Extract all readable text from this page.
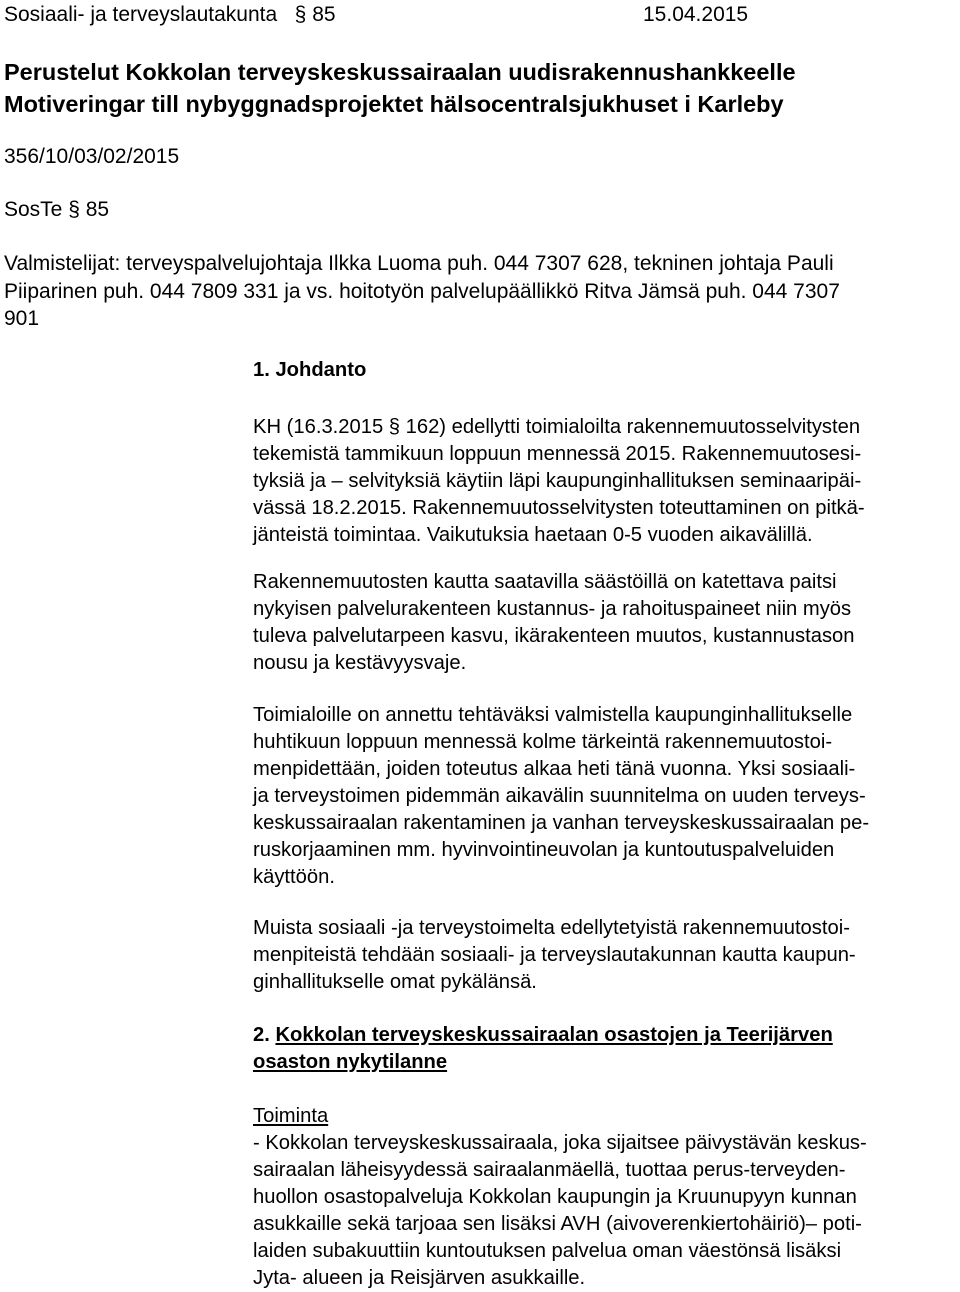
Sosiaali- ja terveyslautakunta § 85	15.04.2015
Perustelut Kokkolan terveyskeskussairaalan uudisrakennushankkeelle
Motiveringar till nybyggnadsprojektet hälsocentralsjukhuset i Karleby
356/10/03/02/2015
SosTe § 85
Valmistelijat: terveyspalvelujohtaja Ilkka Luoma puh. 044 7307 628, tekninen johtaja Pauli
Piiparinen puh. 044 7809 331 ja vs. hoitotyön palvelupäällikkö Ritva Jämsä puh. 044 7307
901
1. Johdanto
KH (16.3.2015 § 162) edellytti toimialoilta rakennemuutosselvitysten
tekemistä tammikuun loppuun mennessä 2015. Rakennemuutosesi-
tyksiä ja – selvityksiä käytiin läpi kaupunginhallituksen seminaaripäi-
vässä 18.2.2015. Rakennemuutosselvitysten toteuttaminen on pitkä-
jänteistä toimintaa. Vaikutuksia haetaan 0-5 vuoden aikavälillä.
Rakennemuutosten kautta saatavilla säästöillä on katettava paitsi
nykyisen palvelurakenteen kustannus- ja rahoituspaineet niin myös
tuleva palvelutarpeen kasvu, ikärakenteen muutos, kustannustason
nousu ja kestävyysvaje.
Toimialoille on annettu tehtäväksi valmistella kaupunginhallitukselle
huhtikuun loppuun mennessä kolme tärkeintä rakennemuutostoi-
menpidettään, joiden toteutus alkaa heti tänä vuonna. Yksi sosiaali-
ja terveystoimen pidemmän aikavälin suunnitelma on uuden terveys-
keskussairaalan rakentaminen ja vanhan terveyskeskussairaalan pe-
ruskorjaaminen mm. hyvinvointineuvolan ja kuntoutuspalveluiden
käyttöön.
Muista sosiaali -ja terveystoimelta edellytetyistä rakennemuutostoi-
menpiteistä tehdään sosiaali- ja terveyslautakunnan kautta kaupun-
ginhallitukselle omat pykälänsä.
2. Kokkolan terveyskeskussairaalan osastojen ja Teerijärven
osaston nykytilanne
Toiminta
- Kokkolan terveyskeskussairaala, joka sijaitsee päivystävän keskus-
sairaalan läheisyydessä sairaalanmäellä, tuottaa perus-terveyden-
huollon osastopalveluja Kokkolan kaupungin ja Kruunupyyn kunnan
asukkaille sekä tarjoaa sen lisäksi AVH (aivoverenkiertohäiriö)– poti-
laiden subakuuttiin kuntoutuksen palvelua oman väestönsä lisäksi
Jyta- alueen ja Reisjärven asukkaille.
